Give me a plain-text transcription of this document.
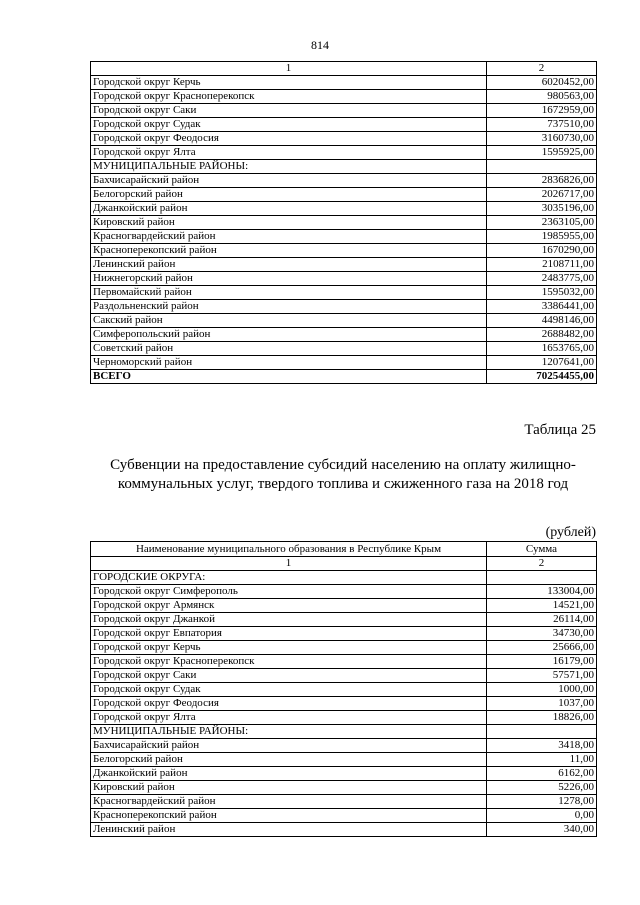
814
1	2
Городской округ Керчь	6020452,00
Городской округ Красноперекопск	980563,00
Городской округ Саки	1672959,00
Городской округ Судак	737510,00
Городской округ Феодосия	3160730,00
Городской округ Ялта	1595925,00
МУНИЦИПАЛЬНЫЕ РАЙОНЫ:	
Бахчисарайский район	2836826,00
Белогорский район	2026717,00
Джанкойский район	3035196,00
Кировский район	2363105,00
Красногвардейский район	1985955,00
Красноперекопский район	1670290,00
Ленинский район	2108711,00
Нижнегорский район	2483775,00
Первомайский район	1595032,00
Раздольненский район	3386441,00
Сакский район	4498146,00
Симферопольский район	2688482,00
Советский район	1653765,00
Черноморский район	1207641,00
ВСЕГО	70254455,00
Таблица 25
Субвенции на предоставление субсидий населению на оплату жилищно-коммунальных услуг, твердого топлива и сжиженного газа на 2018 год
(рублей)
Наименование муниципального образования в Республике Крым	Сумма
1	2
ГОРОДСКИЕ ОКРУГА:	
Городской округ Симферополь	133004,00
Городской округ Армянск	14521,00
Городской округ Джанкой	26114,00
Городской округ Евпатория	34730,00
Городской округ Керчь	25666,00
Городской округ Красноперекопск	16179,00
Городской округ Саки	57571,00
Городской округ Судак	1000,00
Городской округ Феодосия	1037,00
Городской округ Ялта	18826,00
МУНИЦИПАЛЬНЫЕ РАЙОНЫ:	
Бахчисарайский район	3418,00
Белогорский район	11,00
Джанкойский район	6162,00
Кировский район	5226,00
Красногвардейский район	1278,00
Красноперекопский район	0,00
Ленинский район	340,00
